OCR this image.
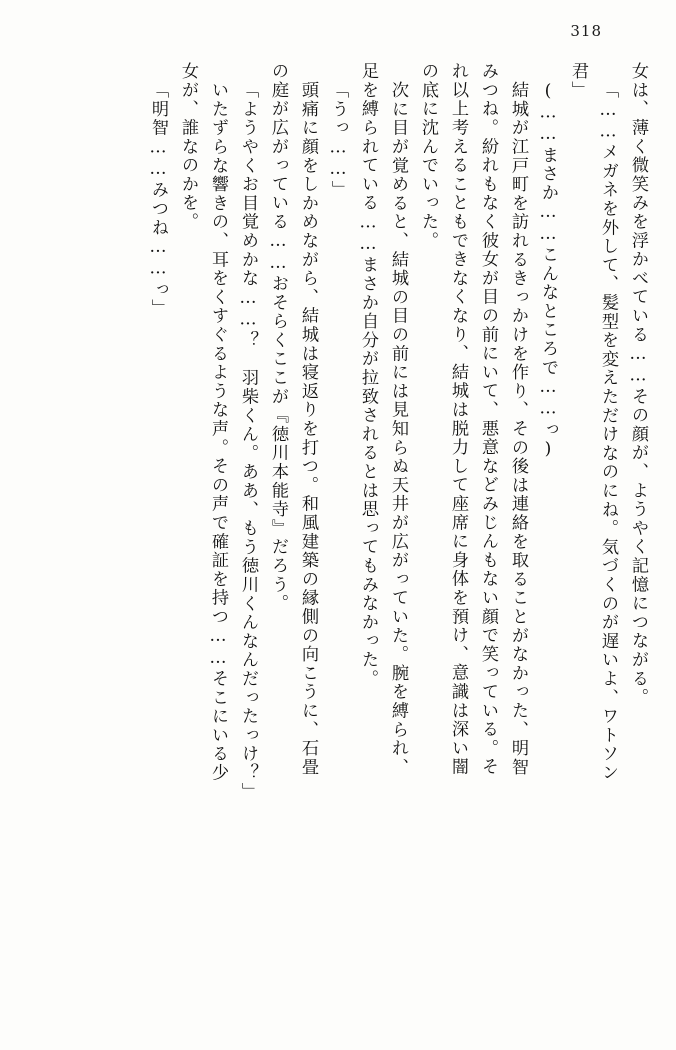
318
女は、薄く微笑みを浮かべている……その顔が、ようやく記憶につながる。
「……メガネを外して、髪型を変えただけなのにね。気づくのが遅いよ、ワトソン
君」
(……まさか……こんなところで……っ)
結城が江戸町を訪れるきっかけを作り、その後は連絡を取ることがなかった、明智
みつね。紛れもなく彼女が目の前にいて、悪意などみじんもない顔で笑っている。そ
れ以上考えることもできなくなり、結城は脱力して座席に身体を預け、意識は深い闇
の底に沈んでいった。
次に目が覚めると、結城の目の前には見知らぬ天井が広がっていた。腕を縛られ、
足を縛られている……まさか自分が拉致されるとは思ってもみなかった。
「うっ……」
頭痛に顔をしかめながら、結城は寝返りを打つ。和風建築の縁側の向こうに、石畳
の庭が広がっている……おそらくここが『徳川本能寺』だろう。
「ようやくお目覚めかな……？　羽柴くん。ああ、もう徳川くんなんだったっけ？」
いたずらな響きの、耳をくすぐるような声。その声で確証を持つ……そこにいる少
女が、誰なのかを。
「明智……みつね……っ」
